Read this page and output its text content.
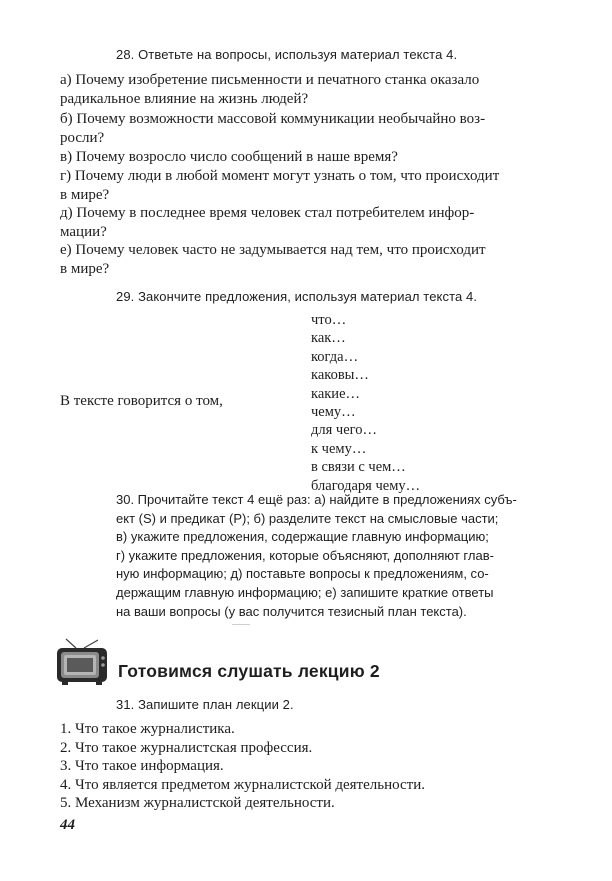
28. Ответьте на вопросы, используя материал текста 4.
а) Почему изобретение письменности и печатного станка оказало
радикальное влияние на жизнь людей?
б) Почему возможности массовой коммуникации необычайно воз-
росли?
в) Почему возросло число сообщений в наше время?
г) Почему люди в любой момент могут узнать о том, что происходит
в мире?
д) Почему в последнее время человек стал потребителем инфор-
мации?
е) Почему человек часто не задумывается над тем, что происходит
в мире?
29. Закончите предложения, используя материал текста 4.
В тексте говорится о том,
что…
как…
когда…
каковы…
какие…
чему…
для чего…
к чему…
в связи с чем…
благодаря чему…
30. Прочитайте текст 4 ещё раз: а) найдите в предложениях субъ-
ект (S) и предикат (P); б) разделите текст на смысловые части;
в) укажите предложения, содержащие главную информацию;
г) укажите предложения, которые объясняют, дополняют глав-
ную информацию; д) поставьте вопросы к предложениям, со-
держащим главную информацию; е) запишите краткие ответы
на ваши вопросы (у вас получится тезисный план текста).
Готовимся слушать лекцию 2
31. Запишите план лекции 2.
1. Что такое журналистика.
2. Что такое журналистская профессия.
3. Что такое информация.
4. Что является предметом журналистской деятельности.
5. Механизм журналистской деятельности.
44
